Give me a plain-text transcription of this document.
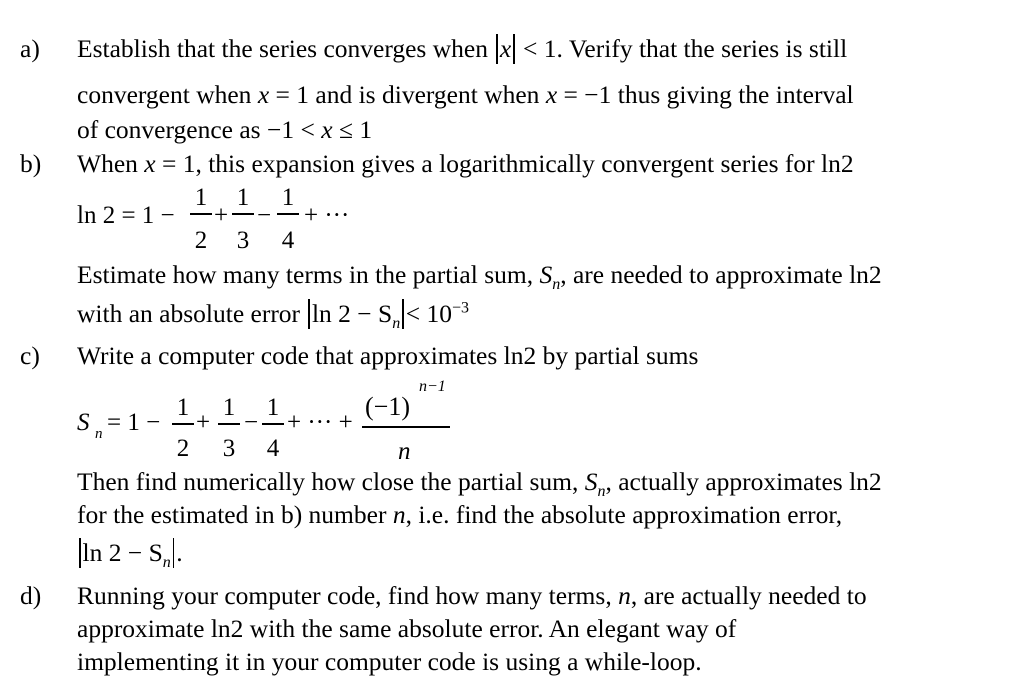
a) Establish that the series converges when x < 1. Verify that the series is still
convergent when x = 1 and is divergent when x = −1 thus giving the interval
of convergence as −1 < x ≤ 1
b) When x = 1, this expansion gives a logarithmically convergent series for ln2
ln 2 = 1 −
1
2
+
1
3
−
1
4
+ ···
Estimate how many terms in the partial sum, $S_n$, are needed to approximate ln2
with an absolute error $\ln 2 - S_n < 10^{-3}$
c) Write a computer code that approximates ln2 by partial sums
S n = 1 −
1
2
+
1
3
−
1
4
+ ··· +
(−1)
n−1
n
Then find numerically how close the partial sum, $S_n$, actually approximates ln2
for the estimated in b) number n, i.e. find the absolute approximation error,
$\ln 2 - S_n$ .
d) Running your computer code, find how many terms, n, are actually needed to
approximate ln2 with the same absolute error. An elegant way of
implementing it in your computer code is using a while-loop.
